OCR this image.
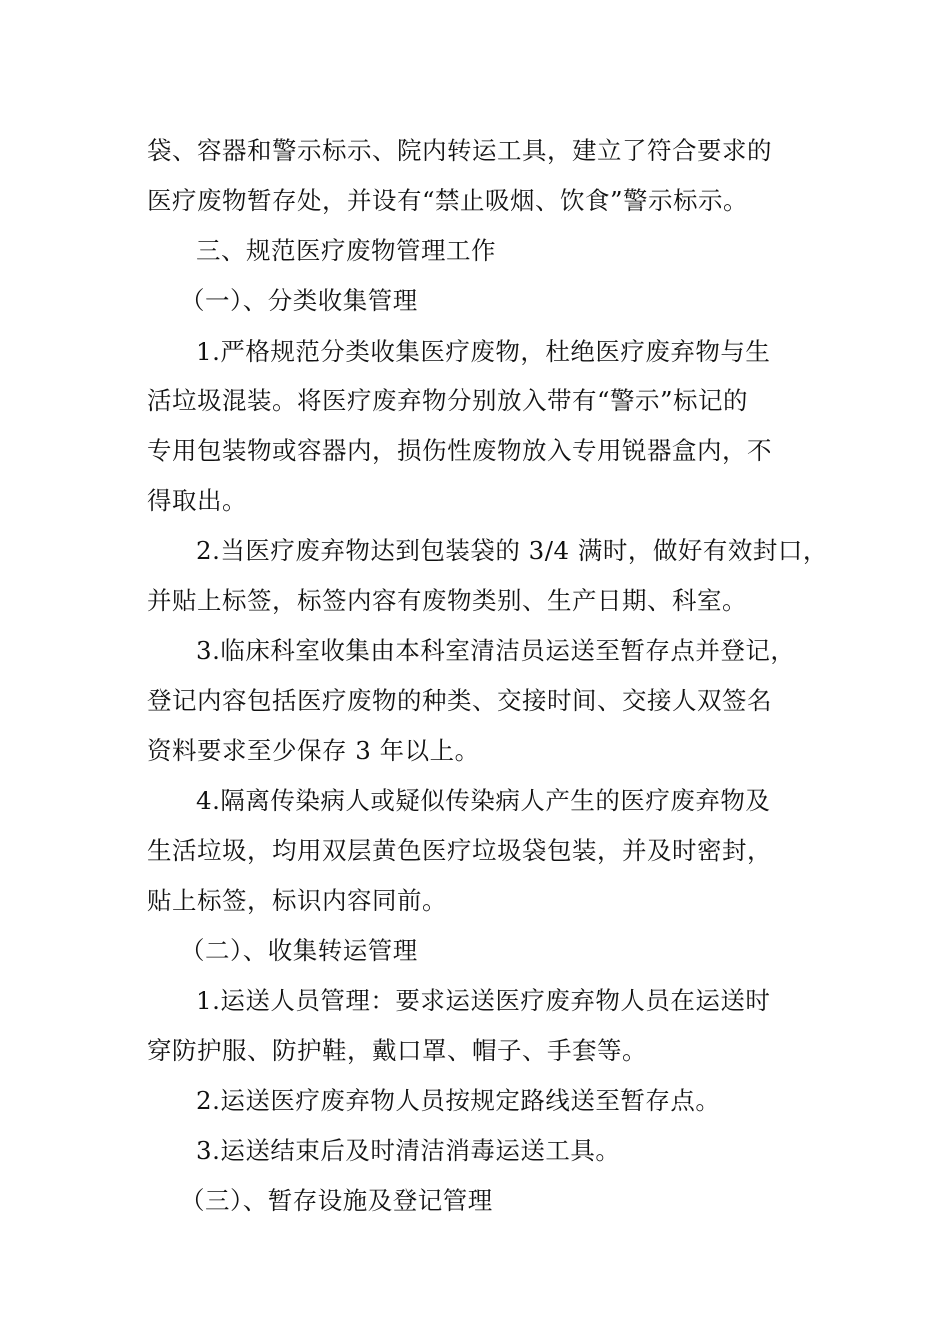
袋、容器和警示标示、院内转运工具，建立了符合要求的
医疗废物暂存处，并设有“禁止吸烟、饮食”警示标示。
三、规范医疗废物管理工作
（一）、分类收集管理
1.严格规范分类收集医疗废物，杜绝医疗废弃物与生
活垃圾混装。将医疗废弃物分别放入带有“警示”标记的
专用包装物或容器内，损伤性废物放入专用锐器盒内，不
得取出。
2.当医疗废弃物达到包装袋的 3/4 满时，做好有效封口，
并贴上标签，标签内容有废物类别、生产日期、科室。
3.临床科室收集由本科室清洁员运送至暂存点并登记，
登记内容包括医疗废物的种类、交接时间、交接人双签名
资料要求至少保存 3 年以上。
4.隔离传染病人或疑似传染病人产生的医疗废弃物及
生活垃圾，均用双层黄色医疗垃圾袋包装，并及时密封，
贴上标签，标识内容同前。
（二）、收集转运管理
1.运送人员管理：要求运送医疗废弃物人员在运送时
穿防护服、防护鞋，戴口罩、帽子、手套等。
2.运送医疗废弃物人员按规定路线送至暂存点。
3.运送结束后及时清洁消毒运送工具。
（三）、暂存设施及登记管理
